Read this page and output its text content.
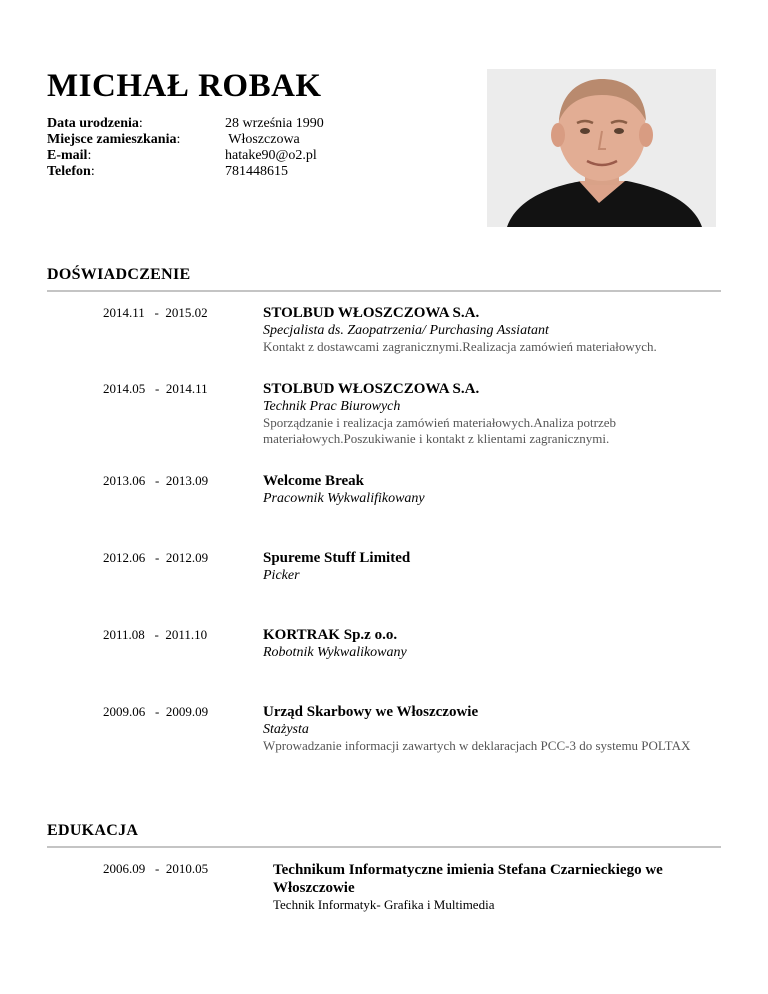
MICHAŁ ROBAK
Data urodzenia:	28 września 1990
Miejsce zamieszkania:	Włoszczowa
E-mail:	hatake90@o2.pl
Telefon:	781448615
DOŚWIADCZENIE
2014.11   -  2015.02	STOLBUD WŁOSZCZOWA S.A.
Specjalista ds. Zaopatrzenia/ Purchasing Assiatant
Kontakt z dostawcami zagranicznymi.Realizacja zamówień materiałowych.
2014.05   -  2014.11	STOLBUD WŁOSZCZOWA S.A.
Technik Prac Biurowych
Sporządzanie i realizacja zamówień materiałowych.Analiza potrzeb materiałowych.Poszukiwanie i kontakt z klientami zagranicznymi.
2013.06   -  2013.09	Welcome Break
Pracownik Wykwalifikowany
2012.06   -  2012.09	Spureme Stuff Limited
Picker
2011.08   -  2011.10	KORTRAK Sp.z o.o.
Robotnik Wykwalikowany
2009.06   -  2009.09	Urząd Skarbowy we Włoszczowie
Stażysta
Wprowadzanie informacji zawartych w deklaracjach PCC-3 do systemu POLTAX
EDUKACJA
2006.09   -  2010.05	Technikum Informatyczne imienia Stefana Czarnieckiego we Włoszczowie
Technik Informatyk- Grafika i Multimedia
